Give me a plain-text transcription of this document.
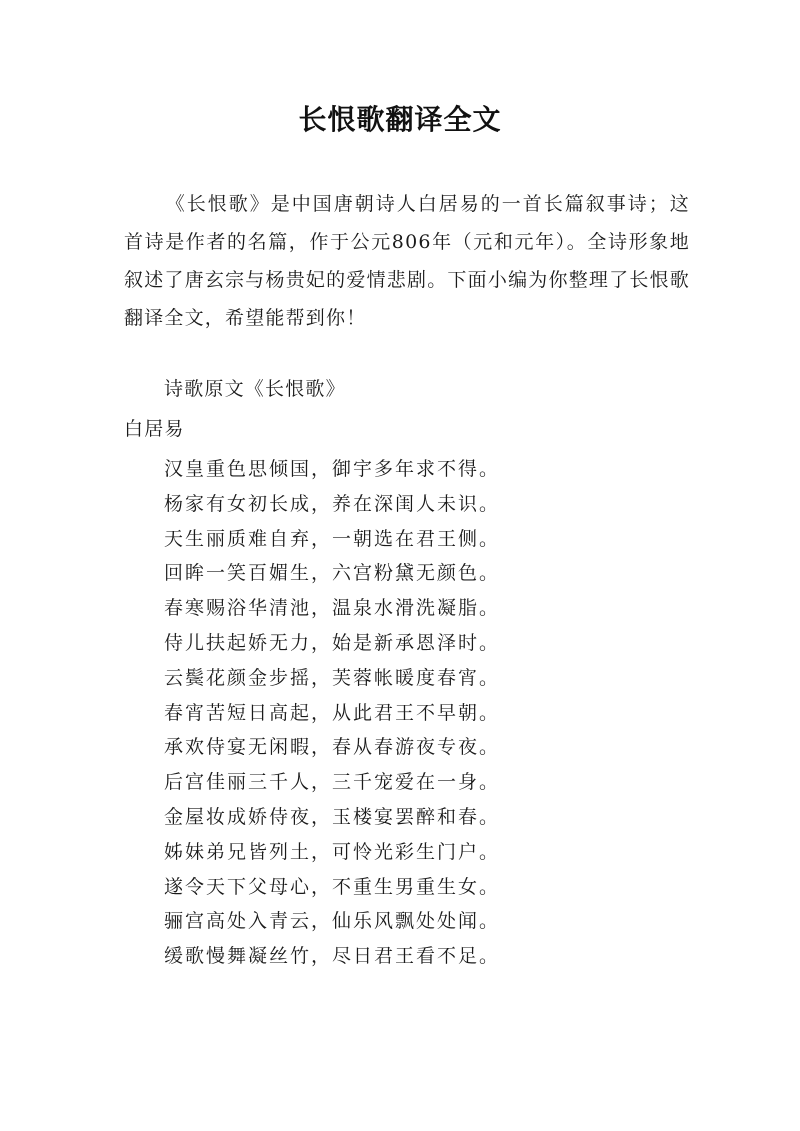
长恨歌翻译全文

《长恨歌》是中国唐朝诗人白居易的一首长篇叙事诗；这首诗是作者的名篇，作于公元806年（元和元年）。全诗形象地叙述了唐玄宗与杨贵妃的爱情悲剧。下面小编为你整理了长恨歌翻译全文，希望能帮到你！

诗歌原文《长恨歌》
白居易
汉皇重色思倾国，御宇多年求不得。
杨家有女初长成，养在深闺人未识。
天生丽质难自弃，一朝选在君王侧。
回眸一笑百媚生，六宫粉黛无颜色。
春寒赐浴华清池，温泉水滑洗凝脂。
侍儿扶起娇无力，始是新承恩泽时。
云鬓花颜金步摇，芙蓉帐暖度春宵。
春宵苦短日高起，从此君王不早朝。
承欢侍宴无闲暇，春从春游夜专夜。
后宫佳丽三千人，三千宠爱在一身。
金屋妆成娇侍夜，玉楼宴罢醉和春。
姊妹弟兄皆列土，可怜光彩生门户。
遂令天下父母心，不重生男重生女。
骊宫高处入青云，仙乐风飘处处闻。
缓歌慢舞凝丝竹，尽日君王看不足。
